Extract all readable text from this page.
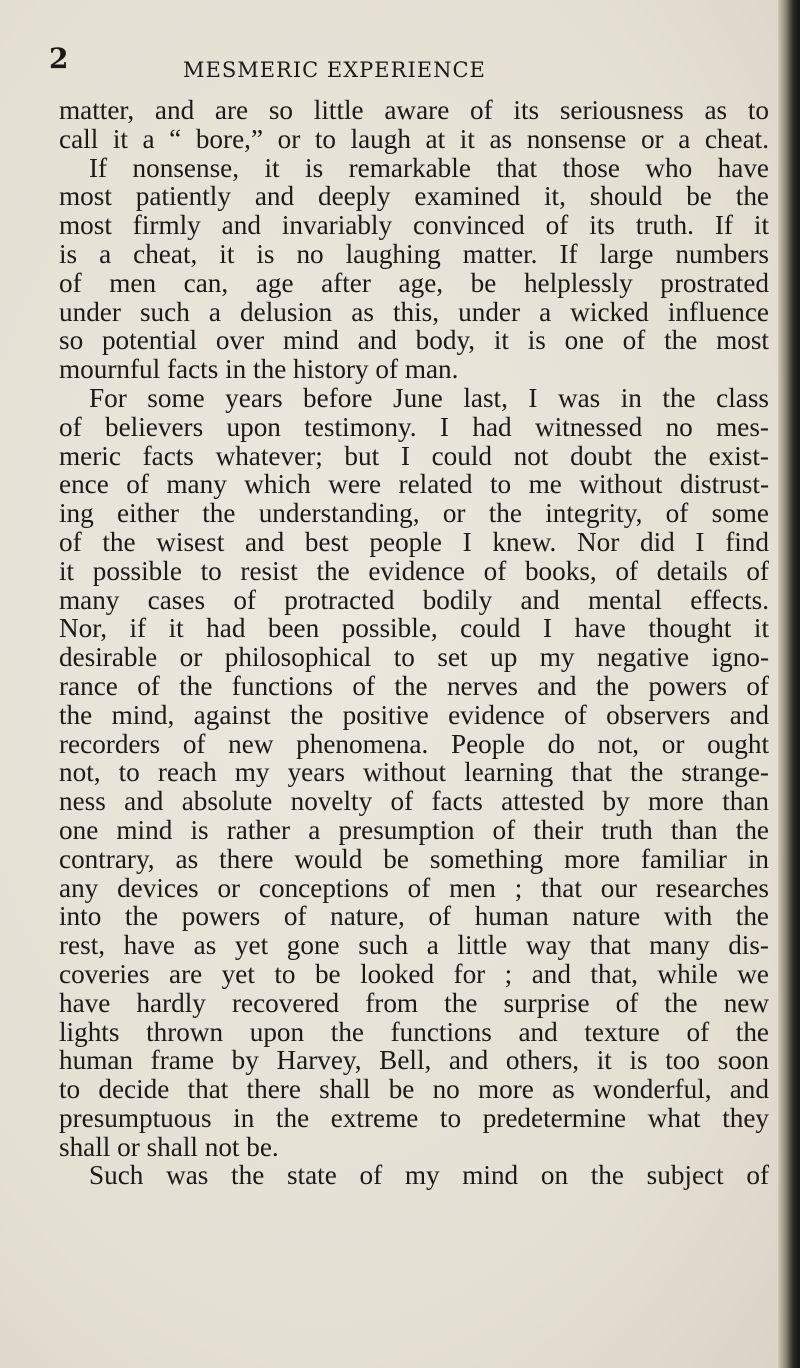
2	MESMERIC EXPERIENCE
matter, and are so little aware of its seriousness as to
call it a “ bore,” or to laugh at it as nonsense or a cheat.
If nonsense, it is remarkable that those who have
most patiently and deeply examined it, should be the
most firmly and invariably convinced of its truth. If it
is a cheat, it is no laughing matter. If large numbers
of men can, age after age, be helplessly prostrated
under such a delusion as this, under a wicked influence
so potential over mind and body, it is one of the most
mournful facts in the history of man.
For some years before June last, I was in the class
of believers upon testimony. I had witnessed no mes-
meric facts whatever; but I could not doubt the exist-
ence of many which were related to me without distrust-
ing either the understanding, or the integrity, of some
of the wisest and best people I knew. Nor did I find
it possible to resist the evidence of books, of details of
many cases of protracted bodily and mental effects.
Nor, if it had been possible, could I have thought it
desirable or philosophical to set up my negative igno-
rance of the functions of the nerves and the powers of
the mind, against the positive evidence of observers and
recorders of new phenomena. People do not, or ought
not, to reach my years without learning that the strange-
ness and absolute novelty of facts attested by more than
one mind is rather a presumption of their truth than the
contrary, as there would be something more familiar in
any devices or conceptions of men ; that our researches
into the powers of nature, of human nature with the
rest, have as yet gone such a little way that many dis-
coveries are yet to be looked for ; and that, while we
have hardly recovered from the surprise of the new
lights thrown upon the functions and texture of the
human frame by Harvey, Bell, and others, it is too soon
to decide that there shall be no more as wonderful, and
presumptuous in the extreme to predetermine what they
shall or shall not be.
Such was the state of my mind on the subject of
